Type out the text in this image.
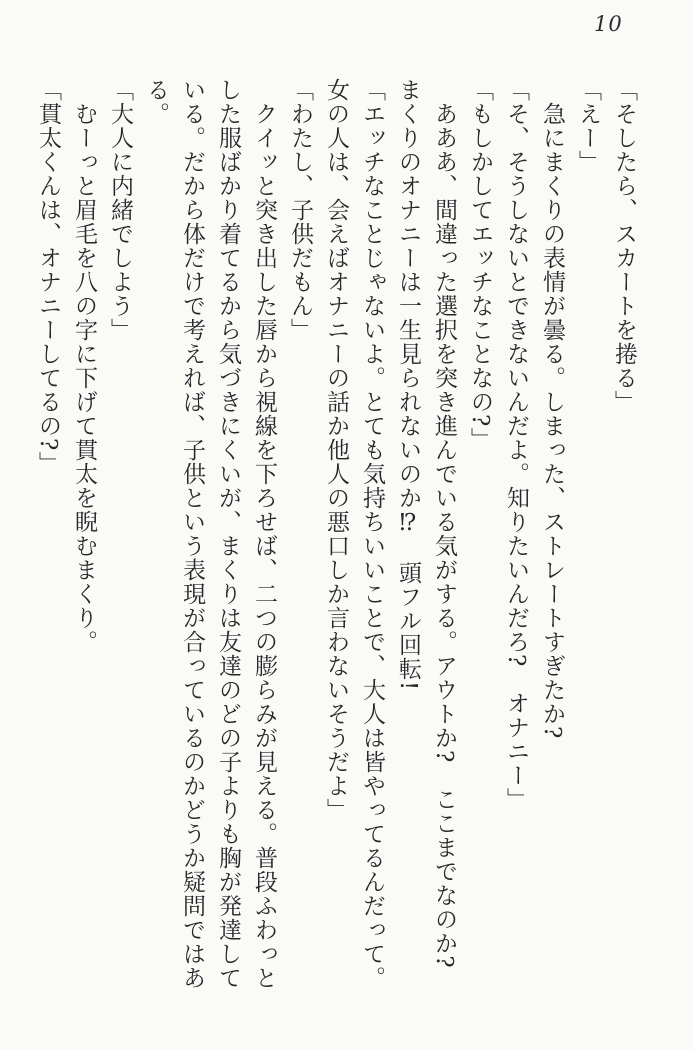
10

「そしたら、スカートを捲る」

「えー」

急にまくりの表情が曇る。しまった、ストレートすぎたか?

「そ、そうしないとできないんだよ。知りたいんだろ?　オナニー」

「もしかしてエッチなことなの?」

あああ、間違った選択を突き進んでいる気がする。アウトか?　ここまでなのか?まくりのオナニーは一生見られないのか⁉　頭フル回転!

「エッチなことじゃないよ。とても気持ちいいことで、大人は皆やってるんだって。女の人は、会えばオナニーの話か他人の悪口しか言わないそうだよ」

「わたし、子供だもん」

クイッと突き出した唇から視線を下ろせば、二つの膨らみが見える。普段ふわっとした服ばかり着てるから気づきにくいが、まくりは友達のどの子よりも胸が発達している。だから体だけで考えれば、子供という表現が合っているのかどうか疑問ではある。

「大人に内緒でしよう」

むーっと眉毛を八の字に下げて貫太を睨むまくり。

「貫太くんは、オナニーしてるの?」
